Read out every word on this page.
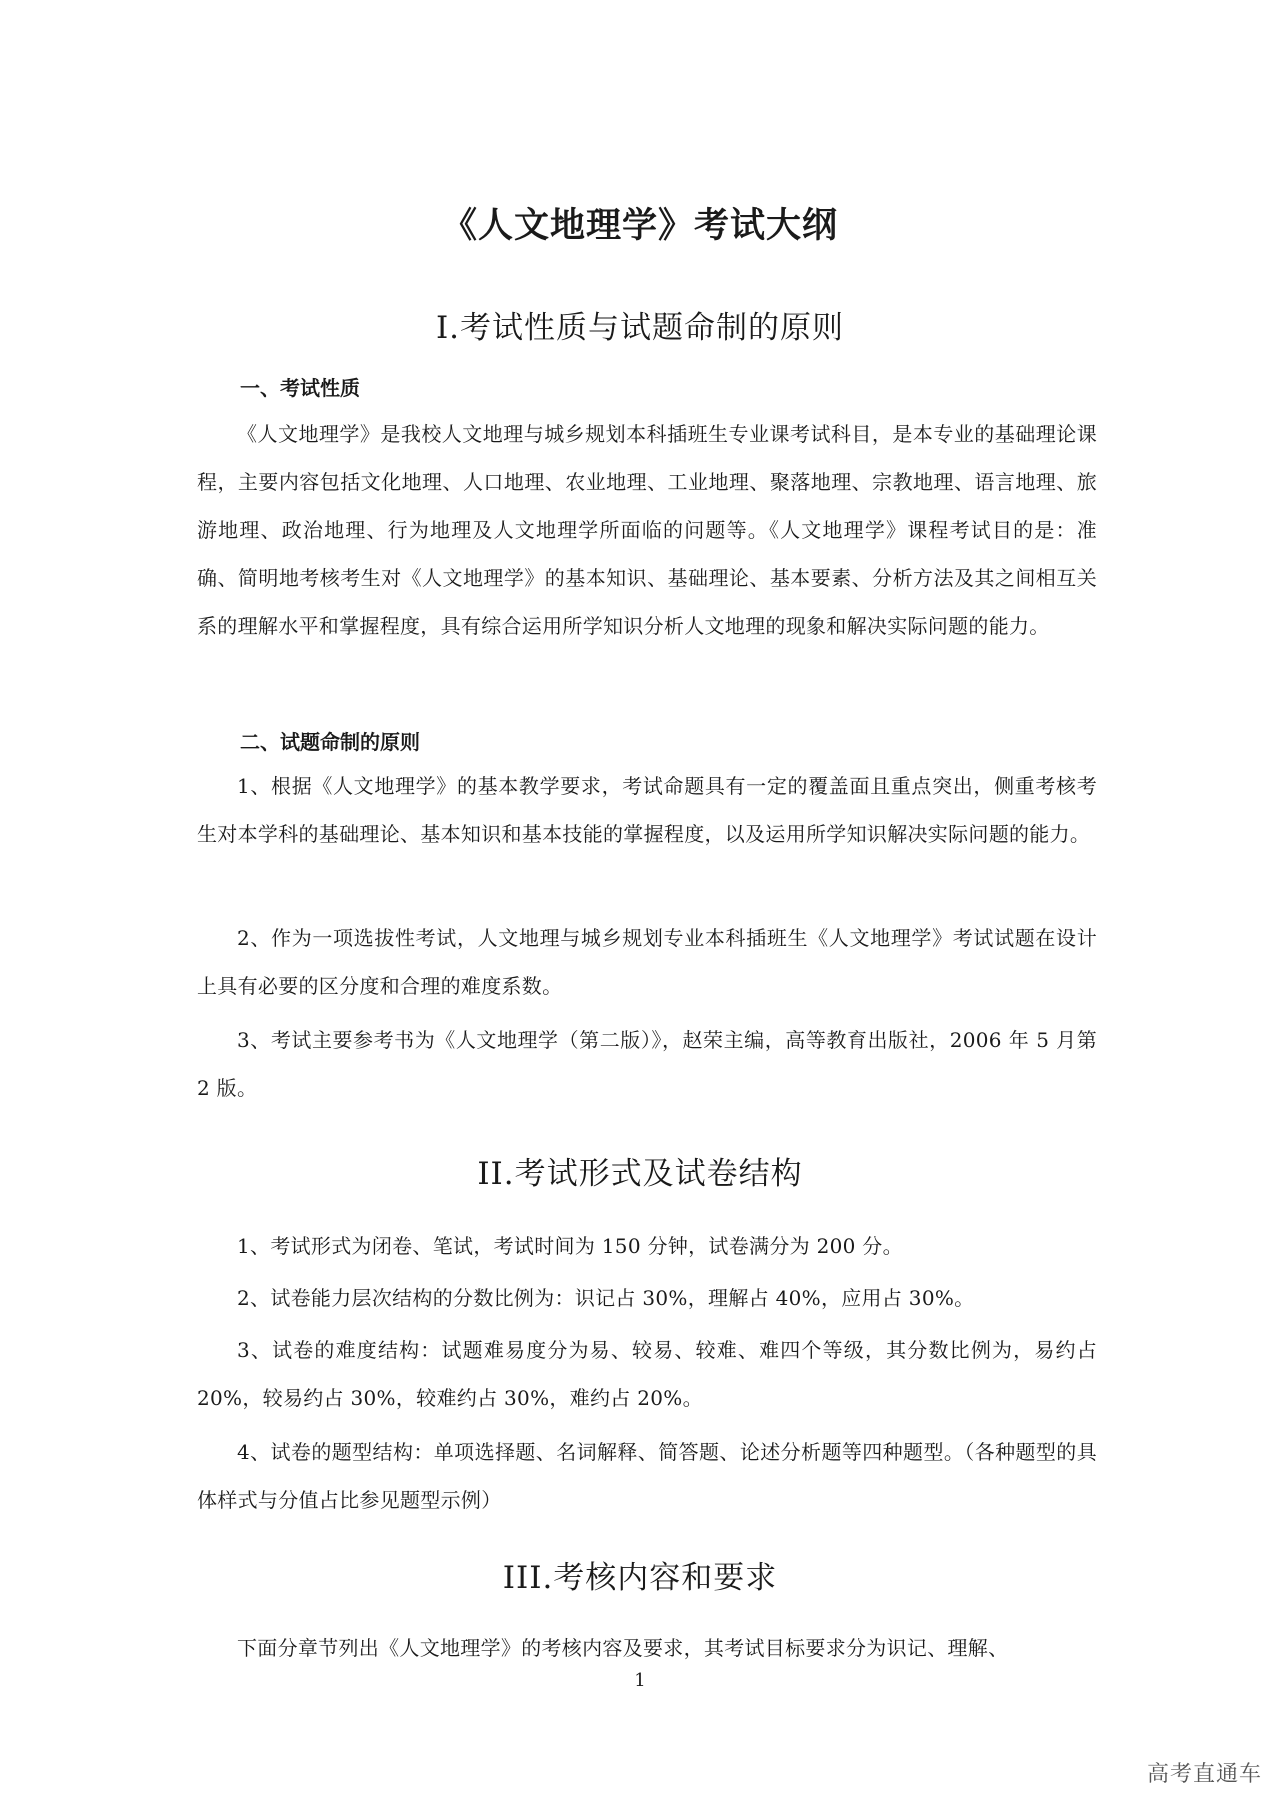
《人文地理学》考试大纲
I.考试性质与试题命制的原则
一、考试性质

《人文地理学》是我校人文地理与城乡规划本科插班生专业课考试科目，是本专业的基础理论课程，主要内容包括文化地理、人口地理、农业地理、工业地理、聚落地理、宗教地理、语言地理、旅游地理、政治地理、行为地理及人文地理学所面临的问题等。《人文地理学》课程考试目的是：准确、简明地考核考生对《人文地理学》的基本知识、基础理论、基本要素、分析方法及其之间相互关系的理解水平和掌握程度，具有综合运用所学知识分析人文地理的现象和解决实际问题的能力。

二、试题命制的原则

1、根据《人文地理学》的基本教学要求，考试命题具有一定的覆盖面且重点突出，侧重考核考生对本学科的基础理论、基本知识和基本技能的掌握程度，以及运用所学知识解决实际问题的能力。

2、作为一项选拔性考试，人文地理与城乡规划专业本科插班生《人文地理学》考试试题在设计上具有必要的区分度和合理的难度系数。

3、考试主要参考书为《人文地理学（第二版）》，赵荣主编，高等教育出版社，2006 年 5 月第 2 版。

II.考试形式及试卷结构

1、考试形式为闭卷、笔试，考试时间为 150 分钟，试卷满分为 200 分。

2、试卷能力层次结构的分数比例为：识记占 30%，理解占 40%，应用占 30%。

3、试卷的难度结构：试题难易度分为易、较易、较难、难四个等级，其分数比例为，易约占 20%，较易约占 30%，较难约占 30%，难约占 20%。

4、试卷的题型结构：单项选择题、名词解释、简答题、论述分析题等四种题型。（各种题型的具体样式与分值占比参见题型示例）

III.考核内容和要求

下面分章节列出《人文地理学》的考核内容及要求，其考试目标要求分为识记、理解、

1
高考直通车
